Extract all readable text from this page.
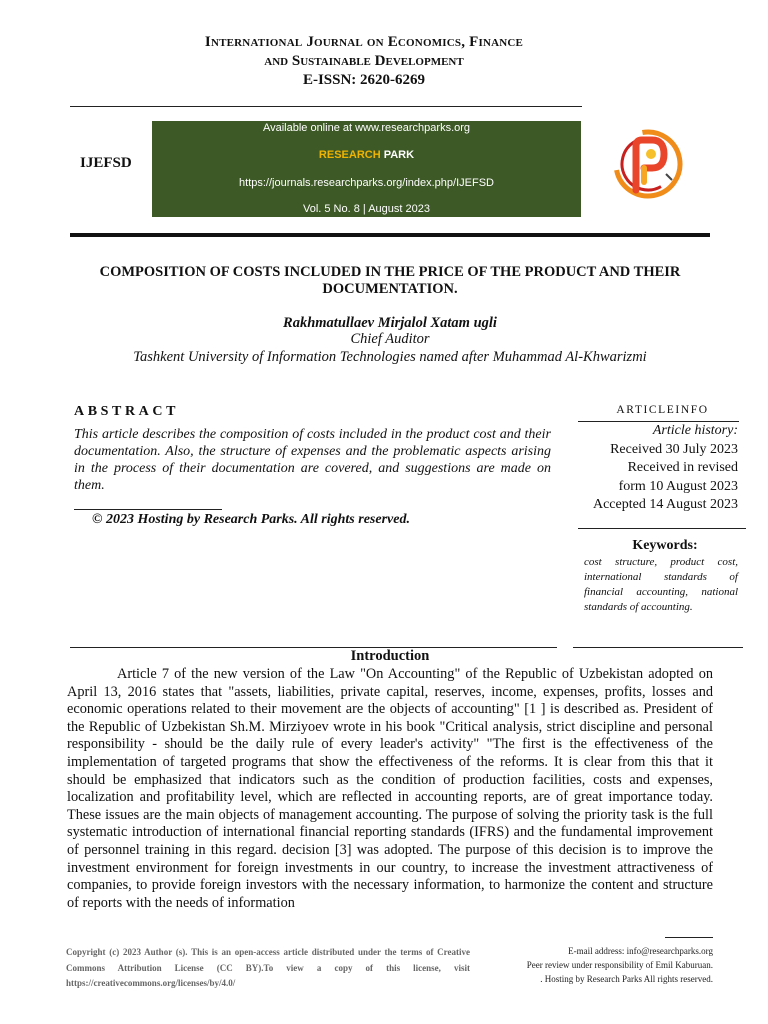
International Journal on Economics, Finance
and Sustainable Development
E-ISSN: 2620-6269
IJEFSD
Available online at www.researchparks.org
RESEARCH PARK
https://journals.researchparks.org/index.php/IJEFSD
Vol. 5 No. 8 | August 2023
COMPOSITION OF COSTS INCLUDED IN THE PRICE OF THE PRODUCT AND THEIR DOCUMENTATION.
Rakhmatullaev Mirjalol Xatam ugli
Chief Auditor
Tashkent University of Information Technologies named after Muhammad Al-Khwarizmi
ABSTRACT
This article describes the composition of costs included in the product cost and their documentation. Also, the structure of expenses and the problematic aspects arising in the process of their documentation are covered, and suggestions are made on them.
© 2023 Hosting by Research Parks. All rights reserved.
ARTICLEINFO
Article history:
Received 30 July 2023
Received in revised
form 10 August 2023
Accepted 14 August 2023
Keywords:
cost structure, product cost, international standards of financial accounting, national standards of accounting.
Introduction
Article 7 of the new version of the Law "On Accounting" of the Republic of Uzbekistan adopted on April 13, 2016 states that "assets, liabilities, private capital, reserves, income, expenses, profits, losses and economic operations related to their movement are the objects of accounting" [1 ] is described as. President of the Republic of Uzbekistan Sh.M. Mirziyoev wrote in his book "Critical analysis, strict discipline and personal responsibility - should be the daily rule of every leader's activity" "The first is the effectiveness of the implementation of targeted programs that show the effectiveness of the reforms. It is clear from this that it should be emphasized that indicators such as the condition of production facilities, costs and expenses, localization and profitability level, which are reflected in accounting reports, are of great importance today. These issues are the main objects of management accounting. The purpose of solving the priority task is the full systematic introduction of international financial reporting standards (IFRS) and the fundamental improvement of personnel training in this regard. decision [3] was adopted. The purpose of this decision is to improve the investment environment for foreign investments in our country, to increase the investment attractiveness of companies, to provide foreign investors with the necessary information, to harmonize the content and structure of reports with the needs of information
Copyright (c) 2023 Author (s). This is an open-access article distributed under the terms of Creative Commons Attribution License (CC BY).To view a copy of this license, visit https://creativecommons.org/licenses/by/4.0/
E-mail address: info@researchparks.org
Peer review under responsibility of Emil Kaburuan.
. Hosting by Research Parks All rights reserved.
